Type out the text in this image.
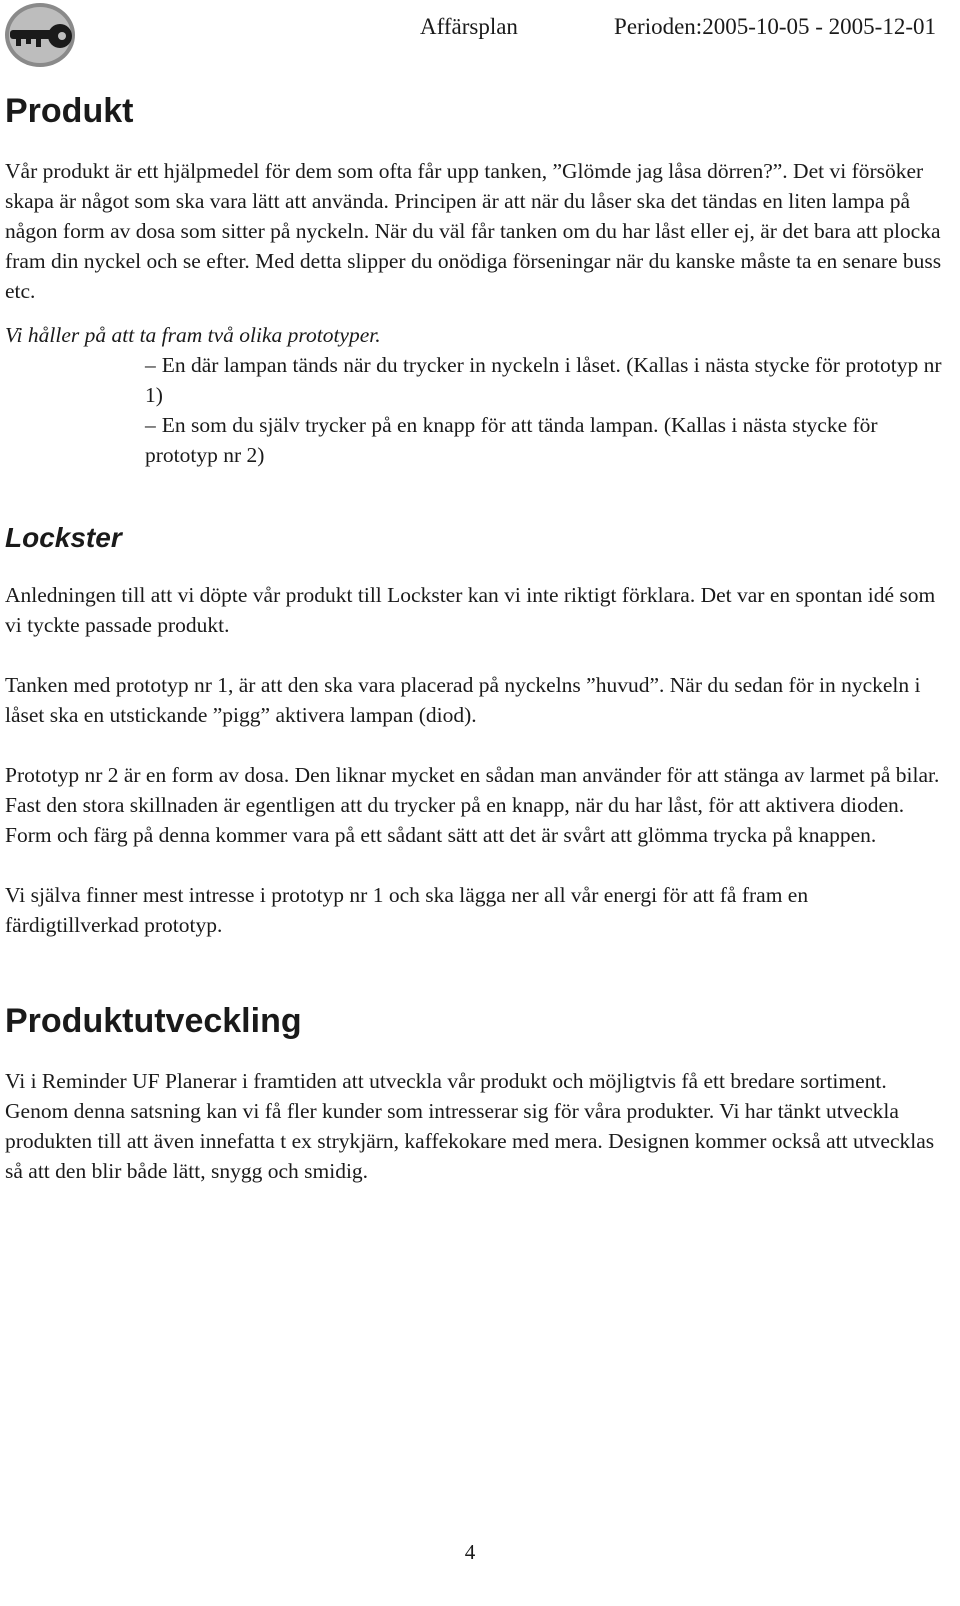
Affärsplan	Perioden:2005-10-05 - 2005-12-01
Produkt

Vår produkt är ett hjälpmedel för dem som ofta får upp tanken, ”Glömde jag låsa dörren?”. Det vi försöker skapa är något som ska vara lätt att använda. Principen är att när du låser ska det tändas en liten lampa på någon form av dosa som sitter på nyckeln. När du väl får tanken om du har låst eller ej, är det bara att plocka fram din nyckel och se efter. Med detta slipper du onödiga förseningar när du kanske måste ta en senare buss etc.

Vi håller på att ta fram två olika prototyper.

– En där lampan tänds när du trycker in nyckeln i låset. (Kallas i nästa stycke för prototyp nr 1)
– En som du själv trycker på en knapp för att tända lampan. (Kallas i nästa stycke för prototyp nr 2)
Lockster

Anledningen till att vi döpte vår produkt till Lockster kan vi inte riktigt förklara. Det var en spontan idé som vi tyckte passade produkt.

Tanken med prototyp nr 1, är att den ska vara placerad på nyckelns ”huvud”. När du sedan för in nyckeln i låset ska en utstickande ”pigg” aktivera lampan (diod).

Prototyp nr 2 är en form av dosa. Den liknar mycket en sådan man använder för att stänga av larmet på bilar. Fast den stora skillnaden är egentligen att du trycker på en knapp, när du har låst, för att aktivera dioden. Form och färg på denna kommer vara på ett sådant sätt att det är svårt att glömma trycka på knappen.

Vi själva finner mest intresse i prototyp nr 1 och ska lägga ner all vår energi för att få fram en färdigtillverkad prototyp.

Produktutveckling

Vi i Reminder UF Planerar i framtiden att utveckla vår produkt och möjligtvis få ett bredare sortiment. Genom denna satsning kan vi få fler kunder som intresserar sig för våra produkter. Vi har tänkt utveckla produkten till att även innefatta t ex strykjärn, kaffekokare med mera. Designen kommer också att utvecklas så att den blir både lätt, snygg och smidig.

4
